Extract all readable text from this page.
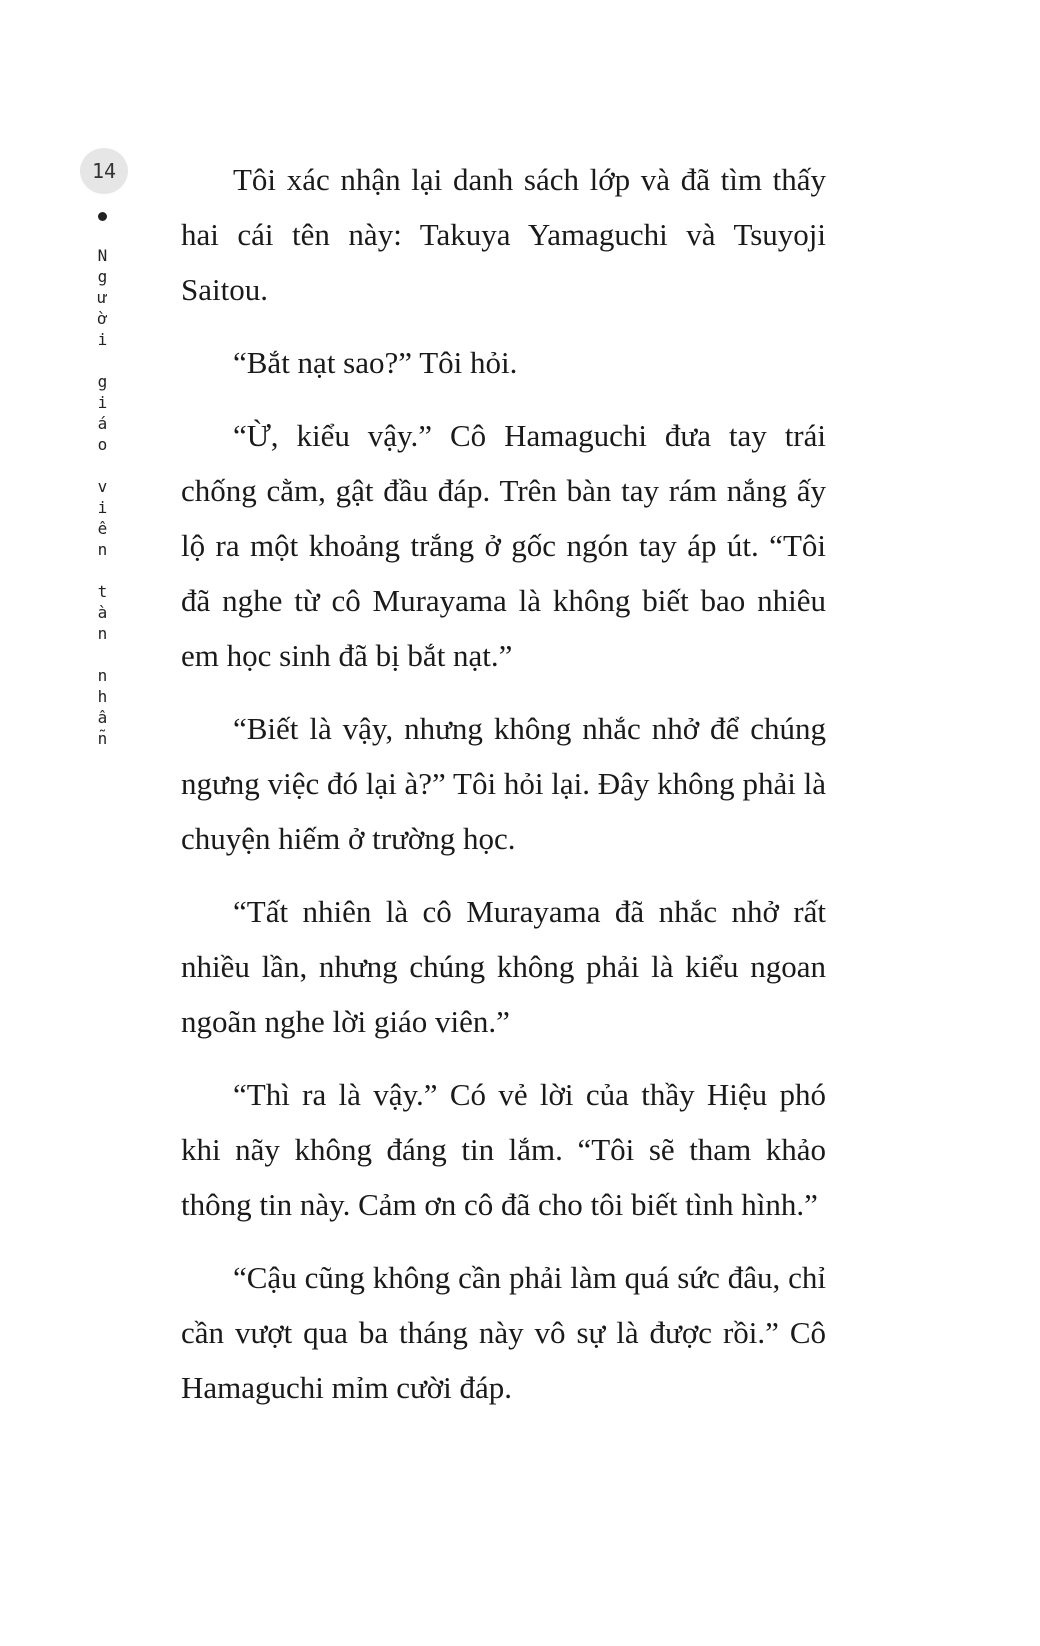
14
Người giáo viên tàn nhẫn

Tôi xác nhận lại danh sách lớp và đã tìm thấy hai cái tên này: Takuya Yamaguchi và Tsuyoji Saitou.

“Bắt nạt sao?” Tôi hỏi.

“Ừ, kiểu vậy.” Cô Hamaguchi đưa tay trái chống cằm, gật đầu đáp. Trên bàn tay rám nắng ấy lộ ra một khoảng trắng ở gốc ngón tay áp út. “Tôi đã nghe từ cô Murayama là không biết bao nhiêu em học sinh đã bị bắt nạt.”

“Biết là vậy, nhưng không nhắc nhở để chúng ngưng việc đó lại à?” Tôi hỏi lại. Đây không phải là chuyện hiếm ở trường học.

“Tất nhiên là cô Murayama đã nhắc nhở rất nhiều lần, nhưng chúng không phải là kiểu ngoan ngoãn nghe lời giáo viên.”

“Thì ra là vậy.” Có vẻ lời của thầy Hiệu phó khi nãy không đáng tin lắm. “Tôi sẽ tham khảo thông tin này. Cảm ơn cô đã cho tôi biết tình hình.”

“Cậu cũng không cần phải làm quá sức đâu, chỉ cần vượt qua ba tháng này vô sự là được rồi.” Cô Hamaguchi mỉm cười đáp.
